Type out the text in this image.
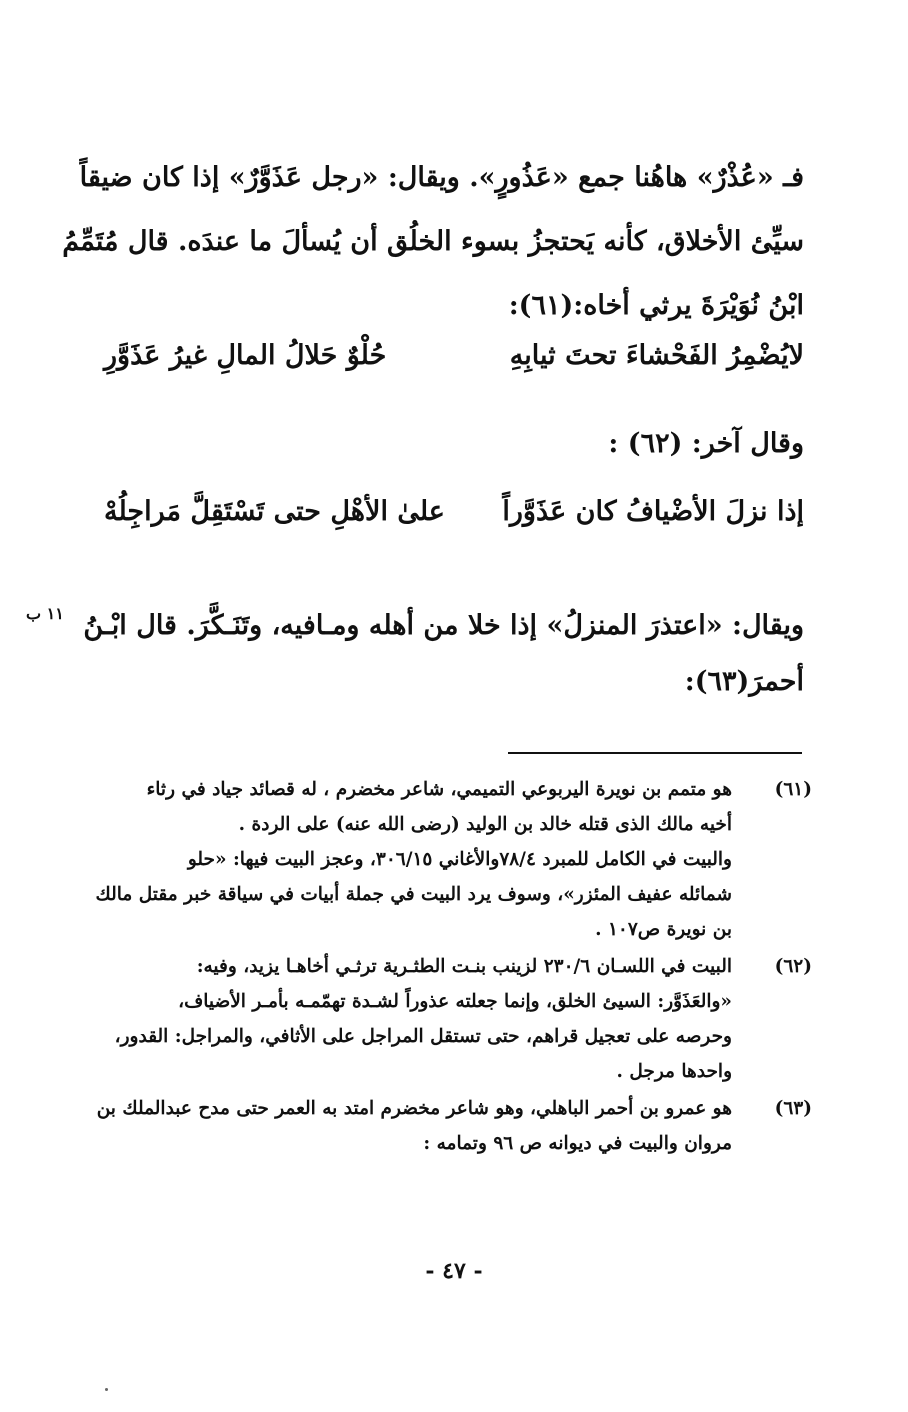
فـ «عُذْرٌ» هاهُنا جمع «عَذُورٍ». ويقال: «رجل عَذَوَّرٌ» إذا كان ضيقاً
سيِّئ الأخلاق، كأنه يَحتجزُ بسوء الخلُق أن يُسألَ ما عندَه. قال مُتَمِّمُ
ابْنُ نُوَيْرَةَ يرثي أخاه:(٦١):
لايُضْمِرُ الفَحْشاءَ تحتَ ثيابِهِ
حُلْوٌ حَلالُ المالِ غيرُ عَذَوَّرِ
وقال آخر: (٦٢) :
إذا نزلَ الأضْيافُ كان عَذَوَّراً
علىٰ الأهْلِ حتى تَسْتَقِلَّ مَراجِلُهْ
ويقال: «اعتذرَ المنزلُ» إذا خلا من أهله ومـافيه، وتَنَـكَّرَ. قال ابْـنُ
أحمرَ(٦٣):
١١ ب
(٦١)
هو متمم بن نويرة اليربوعي التميمي، شاعر مخضرم ، له قصائد جياد في رثاء
أخيه مالك الذى قتله خالد بن الوليد (رضى الله عنه) على الردة .
والبيت في الكامل للمبرد ٧٨/٤والأغاني ٣٠٦/١٥، وعجز البيت فيها: «حلو
شمائله عفيف المئزر»، وسوف يرد البيت في جملة أبيات في سياقة خبر مقتل مالك
بن نويرة ص١٠٧ .
(٦٢)
البيت في اللسـان ٢٣٠/٦ لزينب بنـت الطثـرية ترثـي أخاهـا يزيد، وفيه:
«والعَذَوَّر: السيئ الخلق، وإنما جعلته عذوراً لشـدة تهمّمـه بأمـر الأضياف،
وحرصه على تعجيل قراهم، حتى تستقل المراجل على الأثافي، والمراجل: القدور،
واحدها مرجل .
(٦٣)
هو عمرو بن أحمر الباهلي، وهو شاعر مخضرم امتد به العمر حتى مدح عبدالملك بن
مروان والبيت في ديوانه ص ٩٦ وتمامه :
- ٤٧ -
